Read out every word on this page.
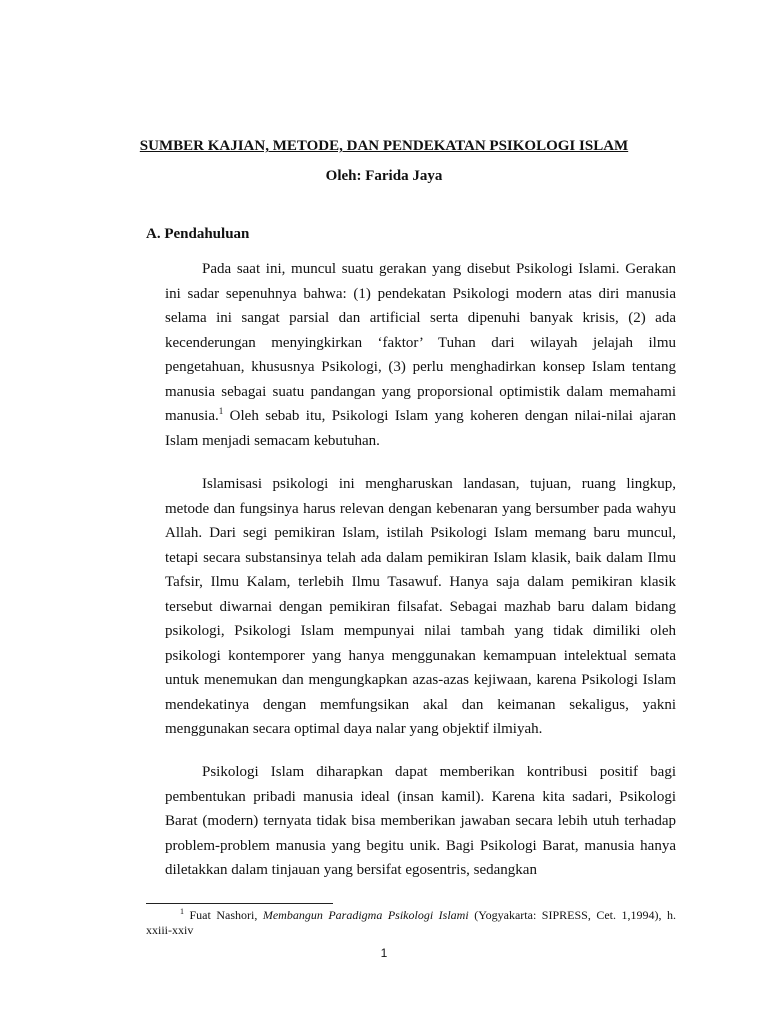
SUMBER KAJIAN, METODE, DAN PENDEKATAN PSIKOLOGI ISLAM
Oleh: Farida Jaya
A. Pendahuluan

Pada saat ini, muncul suatu gerakan yang disebut Psikologi Islami. Gerakan ini sadar sepenuhnya bahwa: (1) pendekatan Psikologi modern atas diri manusia selama ini sangat parsial dan artificial serta dipenuhi banyak krisis, (2) ada kecenderungan menyingkirkan ‘faktor’ Tuhan dari wilayah jelajah ilmu pengetahuan, khususnya Psikologi, (3) perlu menghadirkan konsep Islam tentang manusia sebagai suatu pandangan yang proporsional optimistik dalam memahami manusia.$^1$ Oleh sebab itu, Psikologi Islam yang koheren dengan nilai-nilai ajaran Islam menjadi semacam kebutuhan.

Islamisasi psikologi ini mengharuskan landasan, tujuan, ruang lingkup, metode dan fungsinya harus relevan dengan kebenaran yang bersumber pada wahyu Allah. Dari segi pemikiran Islam, istilah Psikologi Islam memang baru muncul, tetapi secara substansinya telah ada dalam pemikiran Islam klasik, baik dalam Ilmu Tafsir, Ilmu Kalam, terlebih Ilmu Tasawuf. Hanya saja dalam pemikiran klasik tersebut diwarnai dengan pemikiran filsafat. Sebagai mazhab baru dalam bidang psikologi, Psikologi Islam mempunyai nilai tambah yang tidak dimiliki oleh psikologi kontemporer yang hanya menggunakan kemampuan intelektual semata untuk menemukan dan mengungkapkan azas-azas kejiwaan, karena Psikologi Islam mendekatinya dengan memfungsikan akal dan keimanan sekaligus, yakni menggunakan secara optimal daya nalar yang objektif ilmiyah.

Psikologi Islam diharapkan dapat memberikan kontribusi positif bagi pembentukan pribadi manusia ideal (insan kamil). Karena kita sadari, Psikologi Barat (modern) ternyata tidak bisa memberikan jawaban secara lebih utuh terhadap problem-problem manusia yang begitu unik. Bagi Psikologi Barat, manusia hanya diletakkan dalam tinjauan yang bersifat egosentris, sedangkan

$^1$ Fuat Nashori, Membangun Paradigma Psikologi Islami (Yogyakarta: SIPRESS, Cet. 1,1994), h. xxiii-xxiv

1
